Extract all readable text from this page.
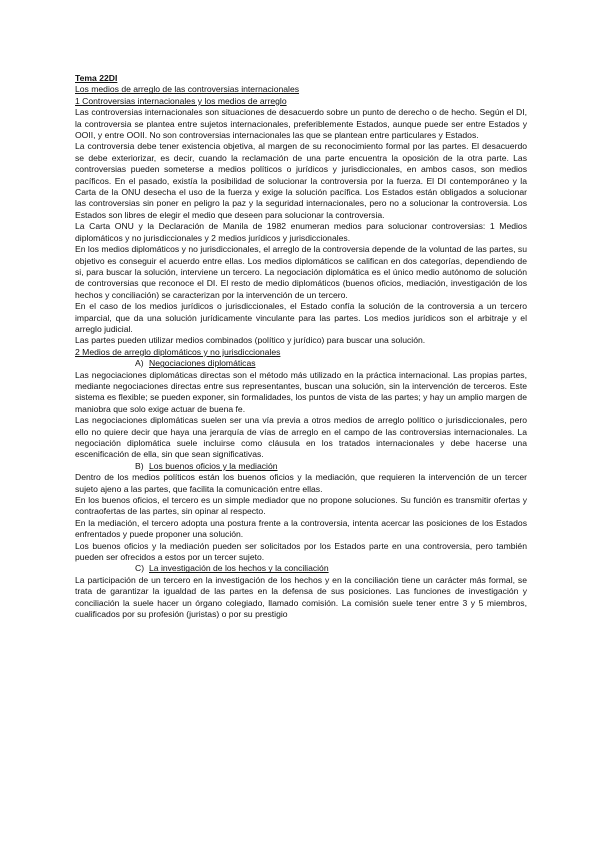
Tema 22DI
Los medios de arreglo de las controversias internacionales
1 Controversias internacionales y los medios de arreglo

Las controversias internacionales son situaciones de desacuerdo sobre un punto de derecho o de hecho. Según el DI, la controversia se plantea entre sujetos internacionales, preferiblemente Estados, aunque puede ser entre Estados y OOII, y entre OOII. No son controversias internacionales las que se plantean entre particulares y Estados.

La controversia debe tener existencia objetiva, al margen de su reconocimiento formal por las partes. El desacuerdo se debe exteriorizar, es decir, cuando la reclamación de una parte encuentra la oposición de la otra parte. Las controversias pueden someterse a medios políticos o jurídicos y jurisdiccionales, en ambos casos, son medios pacíficos. En el pasado, existía la posibilidad de solucionar la controversia por la fuerza. El DI contemporáneo y la Carta de la ONU desecha el uso de la fuerza y exige la solución pacífica. Los Estados están obligados a solucionar las controversias sin poner en peligro la paz y la seguridad internacionales, pero no a solucionar la controversia. Los Estados son libres de elegir el medio que deseen para solucionar la controversia.

La Carta ONU y la Declaración de Manila de 1982 enumeran medios para solucionar controversias: 1 Medios diplomáticos y no jurisdiccionales y 2 medios jurídicos y jurisdiccionales.

En los medios diplomáticos y no jurisdiccionales, el arreglo de la controversia depende de la voluntad de las partes, su objetivo es conseguir el acuerdo entre ellas. Los medios diplomáticos se califican en dos categorías, dependiendo de si, para buscar la solución, interviene un tercero. La negociación diplomática es el único medio autónomo de solución de controversias que reconoce el DI. El resto de medio diplomáticos (buenos oficios, mediación, investigación de los hechos y conciliación) se caracterizan por la intervención de un tercero.

En el caso de los medios jurídicos o jurisdiccionales, el Estado confía la solución de la controversia a un tercero imparcial, que da una solución jurídicamente vinculante para las partes. Los medios jurídicos son el arbitraje y el arreglo judicial.

Las partes pueden utilizar medios combinados (político y jurídico) para buscar una solución.

2 Medios de arreglo diplomáticos y no jurisdiccionales
A) Negociaciones diplomáticas

Las negociaciones diplomáticas directas son el método más utilizado en la práctica internacional. Las propias partes, mediante negociaciones directas entre sus representantes, buscan una solución, sin la intervención de terceros. Este sistema es flexible; se pueden exponer, sin formalidades, los puntos de vista de las partes; y hay un amplio margen de maniobra que solo exige actuar de buena fe.

Las negociaciones diplomáticas suelen ser una vía previa a otros medios de arreglo político o jurisdiccionales, pero ello no quiere decir que haya una jerarquía de vías de arreglo en el campo de las controversias internacionales. La negociación diplomática suele incluirse como cláusula en los tratados internacionales y debe hacerse una escenificación de ella, sin que sean significativas.

B) Los buenos oficios y la mediación

Dentro de los medios políticos están los buenos oficios y la mediación, que requieren la intervención de un tercer sujeto ajeno a las partes, que facilita la comunicación entre ellas.

En los buenos oficios, el tercero es un simple mediador que no propone soluciones. Su función es transmitir ofertas y contraofertas de las partes, sin opinar al respecto.

En la mediación, el tercero adopta una postura frente a la controversia, intenta acercar las posiciones de los Estados enfrentados y puede proponer una solución.

Los buenos oficios y la mediación pueden ser solicitados por los Estados parte en una controversia, pero también pueden ser ofrecidos a estos por un tercer sujeto.

C) La investigación de los hechos y la conciliación

La participación de un tercero en la investigación de los hechos y en la conciliación tiene un carácter más formal, se trata de garantizar la igualdad de las partes en la defensa de sus posiciones. Las funciones de investigación y conciliación la suele hacer un órgano colegiado, llamado comisión. La comisión suele tener entre 3 y 5 miembros, cualificados por su profesión (juristas) o por su prestigio
